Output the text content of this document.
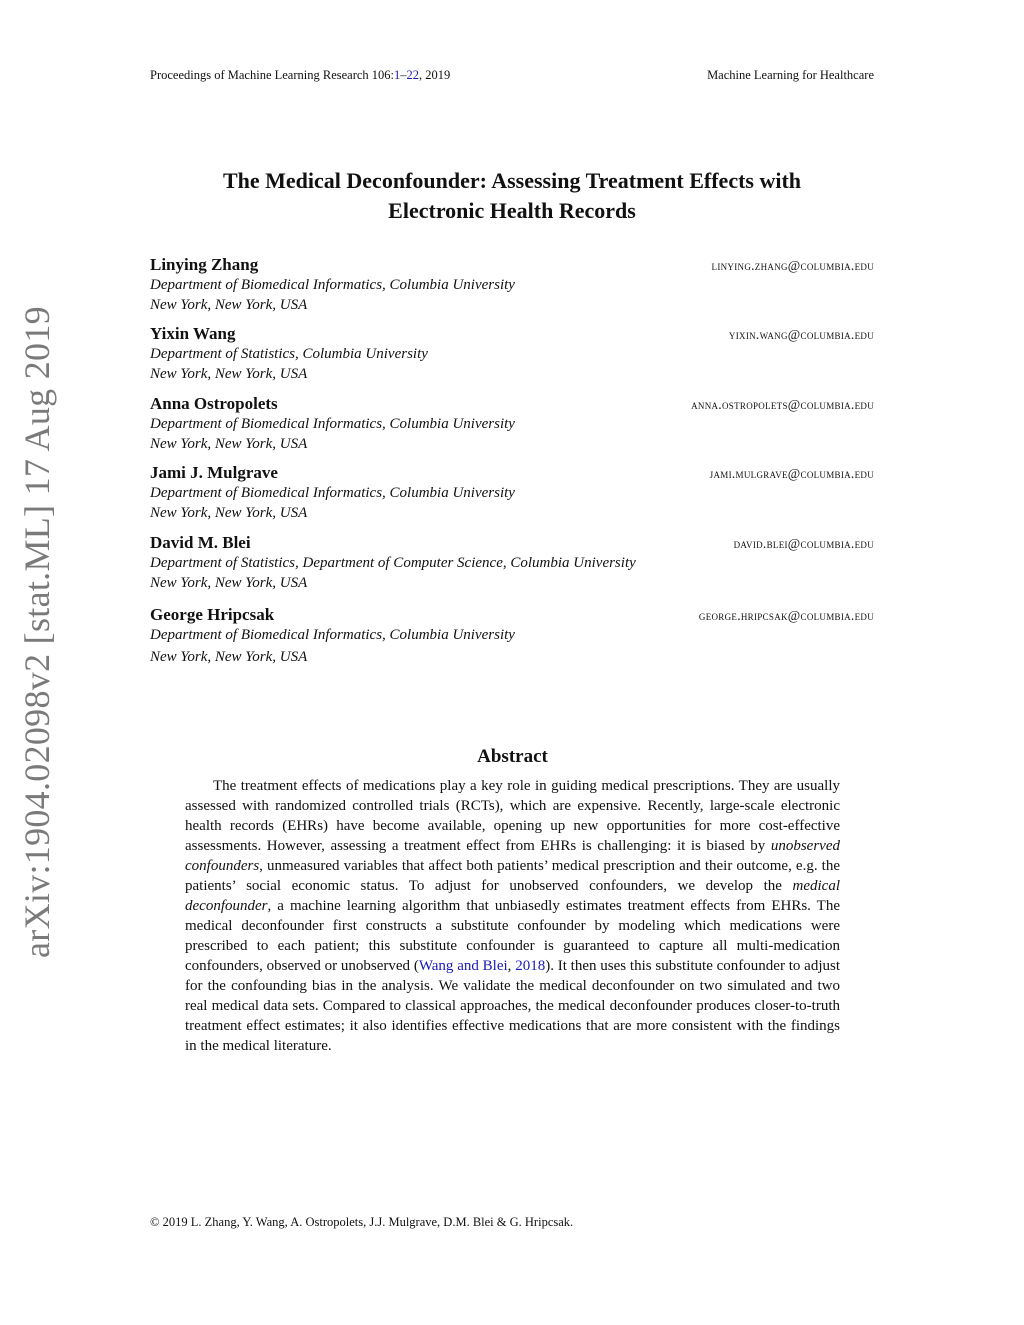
Proceedings of Machine Learning Research 106:1–22, 2019	Machine Learning for Healthcare
arXiv:1904.02098v2 [stat.ML] 17 Aug 2019
The Medical Deconfounder: Assessing Treatment Effects with
Electronic Health Records
Linying Zhang	linying.zhang@columbia.edu
Department of Biomedical Informatics, Columbia University
New York, New York, USA
Yixin Wang	yixin.wang@columbia.edu
Department of Statistics, Columbia University
New York, New York, USA
Anna Ostropolets	anna.ostropolets@columbia.edu
Department of Biomedical Informatics, Columbia University
New York, New York, USA
Jami J. Mulgrave	jami.mulgrave@columbia.edu
Department of Biomedical Informatics, Columbia University
New York, New York, USA
David M. Blei	david.blei@columbia.edu
Department of Statistics, Department of Computer Science, Columbia University
New York, New York, USA
George Hripcsak	george.hripcsak@columbia.edu
Department of Biomedical Informatics, Columbia University
New York, New York, USA
Abstract
The treatment effects of medications play a key role in guiding medical prescriptions. They are usually assessed with randomized controlled trials (RCTs), which are expensive. Recently, large-scale electronic health records (EHRs) have become available, opening up new opportunities for more cost-effective assessments. However, assessing a treatment effect from EHRs is challenging: it is biased by unobserved confounders, unmeasured variables that affect both patients’ medical prescription and their outcome, e.g. the patients’ social economic status. To adjust for unobserved confounders, we develop the medical deconfounder, a machine learning algorithm that unbiasedly estimates treatment effects from EHRs. The medical deconfounder first constructs a substitute confounder by modeling which medications were prescribed to each patient; this substitute confounder is guaranteed to capture all multi-medication confounders, observed or unobserved (Wang and Blei, 2018). It then uses this substitute confounder to adjust for the confounding bias in the analysis. We validate the medical deconfounder on two simulated and two real medical data sets. Compared to classical approaches, the medical deconfounder produces closer-to-truth treatment effect estimates; it also identifies effective medications that are more consistent with the findings in the medical literature.
© 2019 L. Zhang, Y. Wang, A. Ostropolets, J.J. Mulgrave, D.M. Blei & G. Hripcsak.
